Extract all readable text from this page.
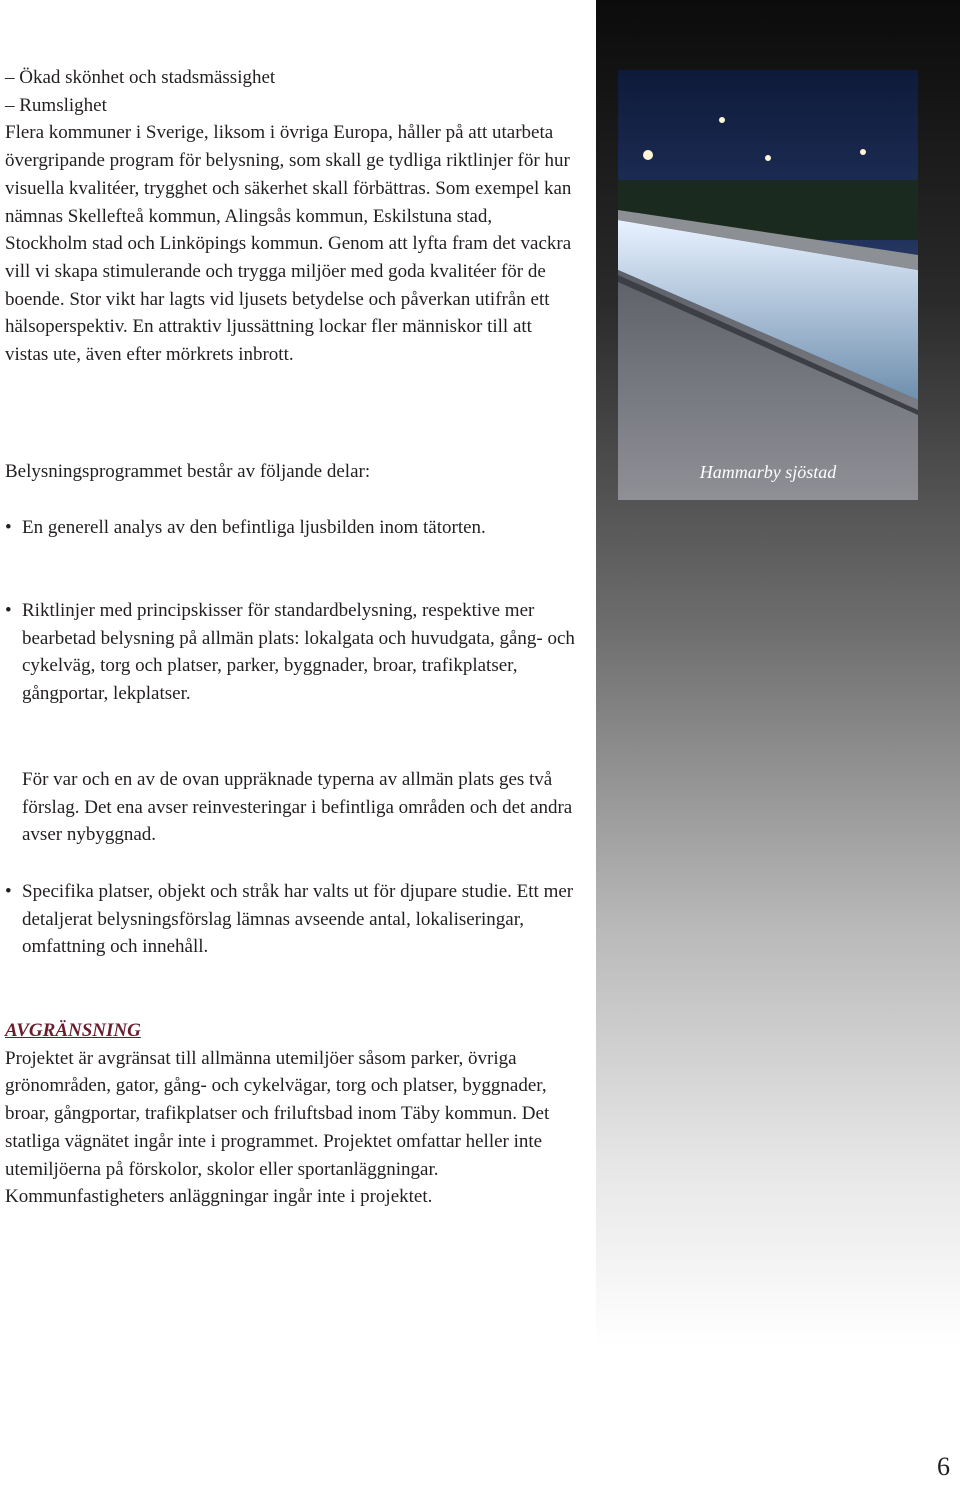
Hammarby sjöstad

– Ökad skönhet och stadsmässighet

– Rumslighet

Flera kommuner i Sverige, liksom i övriga Europa, håller på att utarbeta övergripande program för belysning, som skall ge tydliga riktlinjer för hur visuella kvalitéer, trygghet och säkerhet skall förbättras. Som exempel kan nämnas Skellefteå kommun, Alingsås kommun, Eskilstuna stad, Stockholm stad och Linköpings kommun. Genom att lyfta fram det vackra vill vi skapa stimulerande och trygga miljöer med goda kvalitéer för de boende. Stor vikt har lagts vid ljusets betydelse och påverkan utifrån ett hälsoperspektiv. En attraktiv ljussättning lockar fler människor till att vistas ute, även efter mörkrets inbrott.

Belysningsprogrammet består av följande delar:
• En generell analys av den befintliga ljusbilden inom tätorten.
• Riktlinjer med principskisser för standardbelysning, respektive mer bearbetad belysning på allmän plats: lokalgata och huvudgata, gång- och cykelväg, torg och platser, parker, byggnader, broar, trafikplatser, gångportar, lekplatser.
För var och en av de ovan uppräknade typerna av allmän plats ges två förslag. Det ena avser reinvesteringar i befintliga områden och det andra avser nybyggnad.
• Specifika platser, objekt och stråk har valts ut för djupare studie. Ett mer detaljerat belysningsförslag lämnas avseende antal, lokaliseringar, omfattning och innehåll.

AVGRÄNSNING

Projektet är avgränsat till allmänna utemiljöer såsom parker, övriga grönområden, gator, gång- och cykelvägar, torg och platser, byggnader, broar, gångportar, trafikplatser och friluftsbad inom Täby kommun. Det statliga vägnätet ingår inte i programmet. Projektet omfattar heller inte utemiljöerna på förskolor, skolor eller sportanläggningar. Kommunfastigheters anläggningar ingår inte i projektet.

6
